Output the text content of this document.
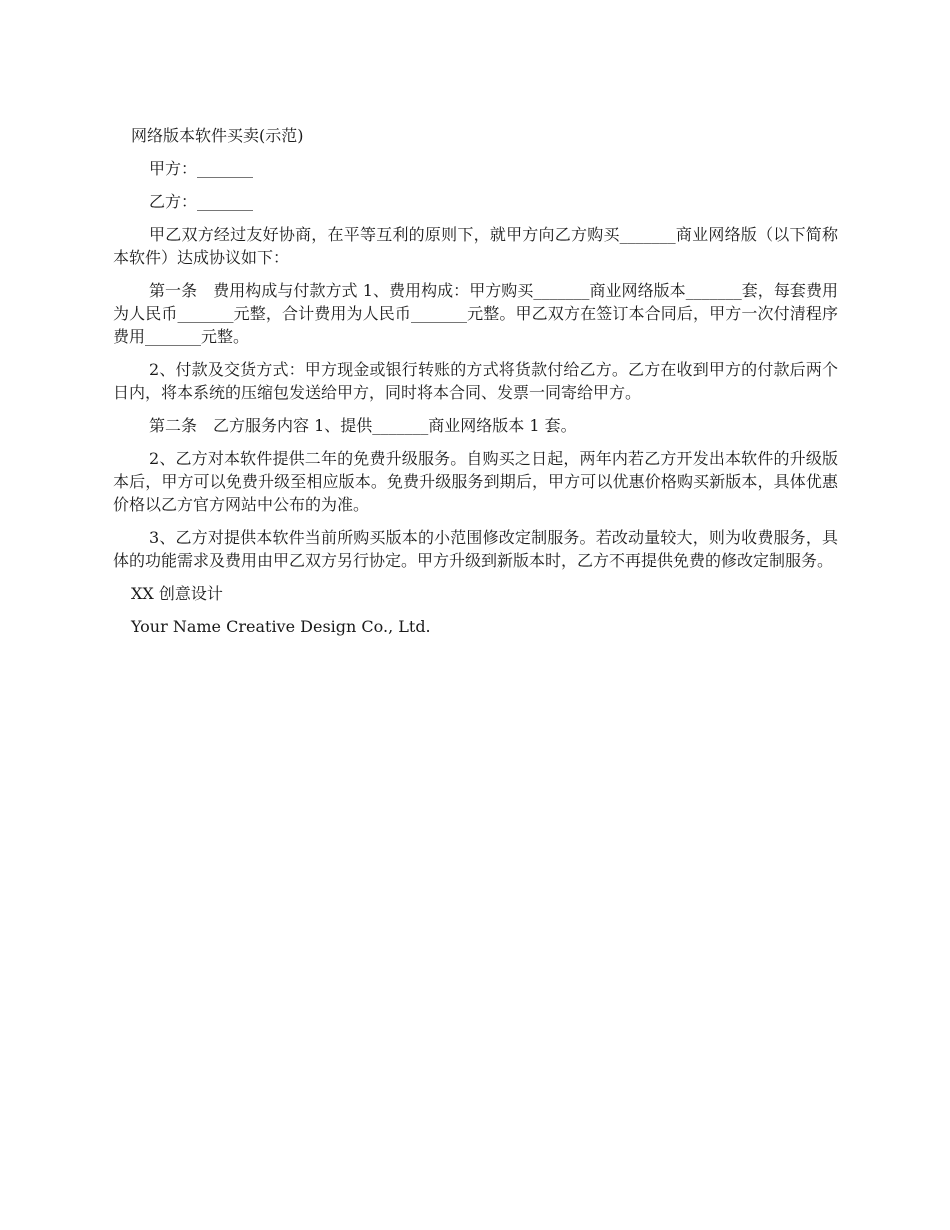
网络版本软件买卖(示范)

甲方：_______

乙方：_______

甲乙双方经过友好协商，在平等互利的原则下，就甲方向乙方购买_______商业网络版（以下简称本软件）达成协议如下：

第一条　费用构成与付款方式 1、费用构成：甲方购买_______商业网络版本_______套，每套费用为人民币_______元整，合计费用为人民币_______元整。甲乙双方在签订本合同后，甲方一次付清程序费用_______元整。

2、付款及交货方式：甲方现金或银行转账的方式将货款付给乙方。乙方在收到甲方的付款后两个日内，将本系统的压缩包发送给甲方，同时将本合同、发票一同寄给甲方。

第二条　乙方服务内容 1、提供_______商业网络版本 1 套。

2、乙方对本软件提供二年的免费升级服务。自购买之日起，两年内若乙方开发出本软件的升级版本后，甲方可以免费升级至相应版本。免费升级服务到期后，甲方可以优惠价格购买新版本，具体优惠价格以乙方官方网站中公布的为准。

3、乙方对提供本软件当前所购买版本的小范围修改定制服务。若改动量较大，则为收费服务，具体的功能需求及费用由甲乙双方另行协定。甲方升级到新版本时，乙方不再提供免费的修改定制服务。

XX 创意设计

Your Name Creative Design Co., Ltd.
